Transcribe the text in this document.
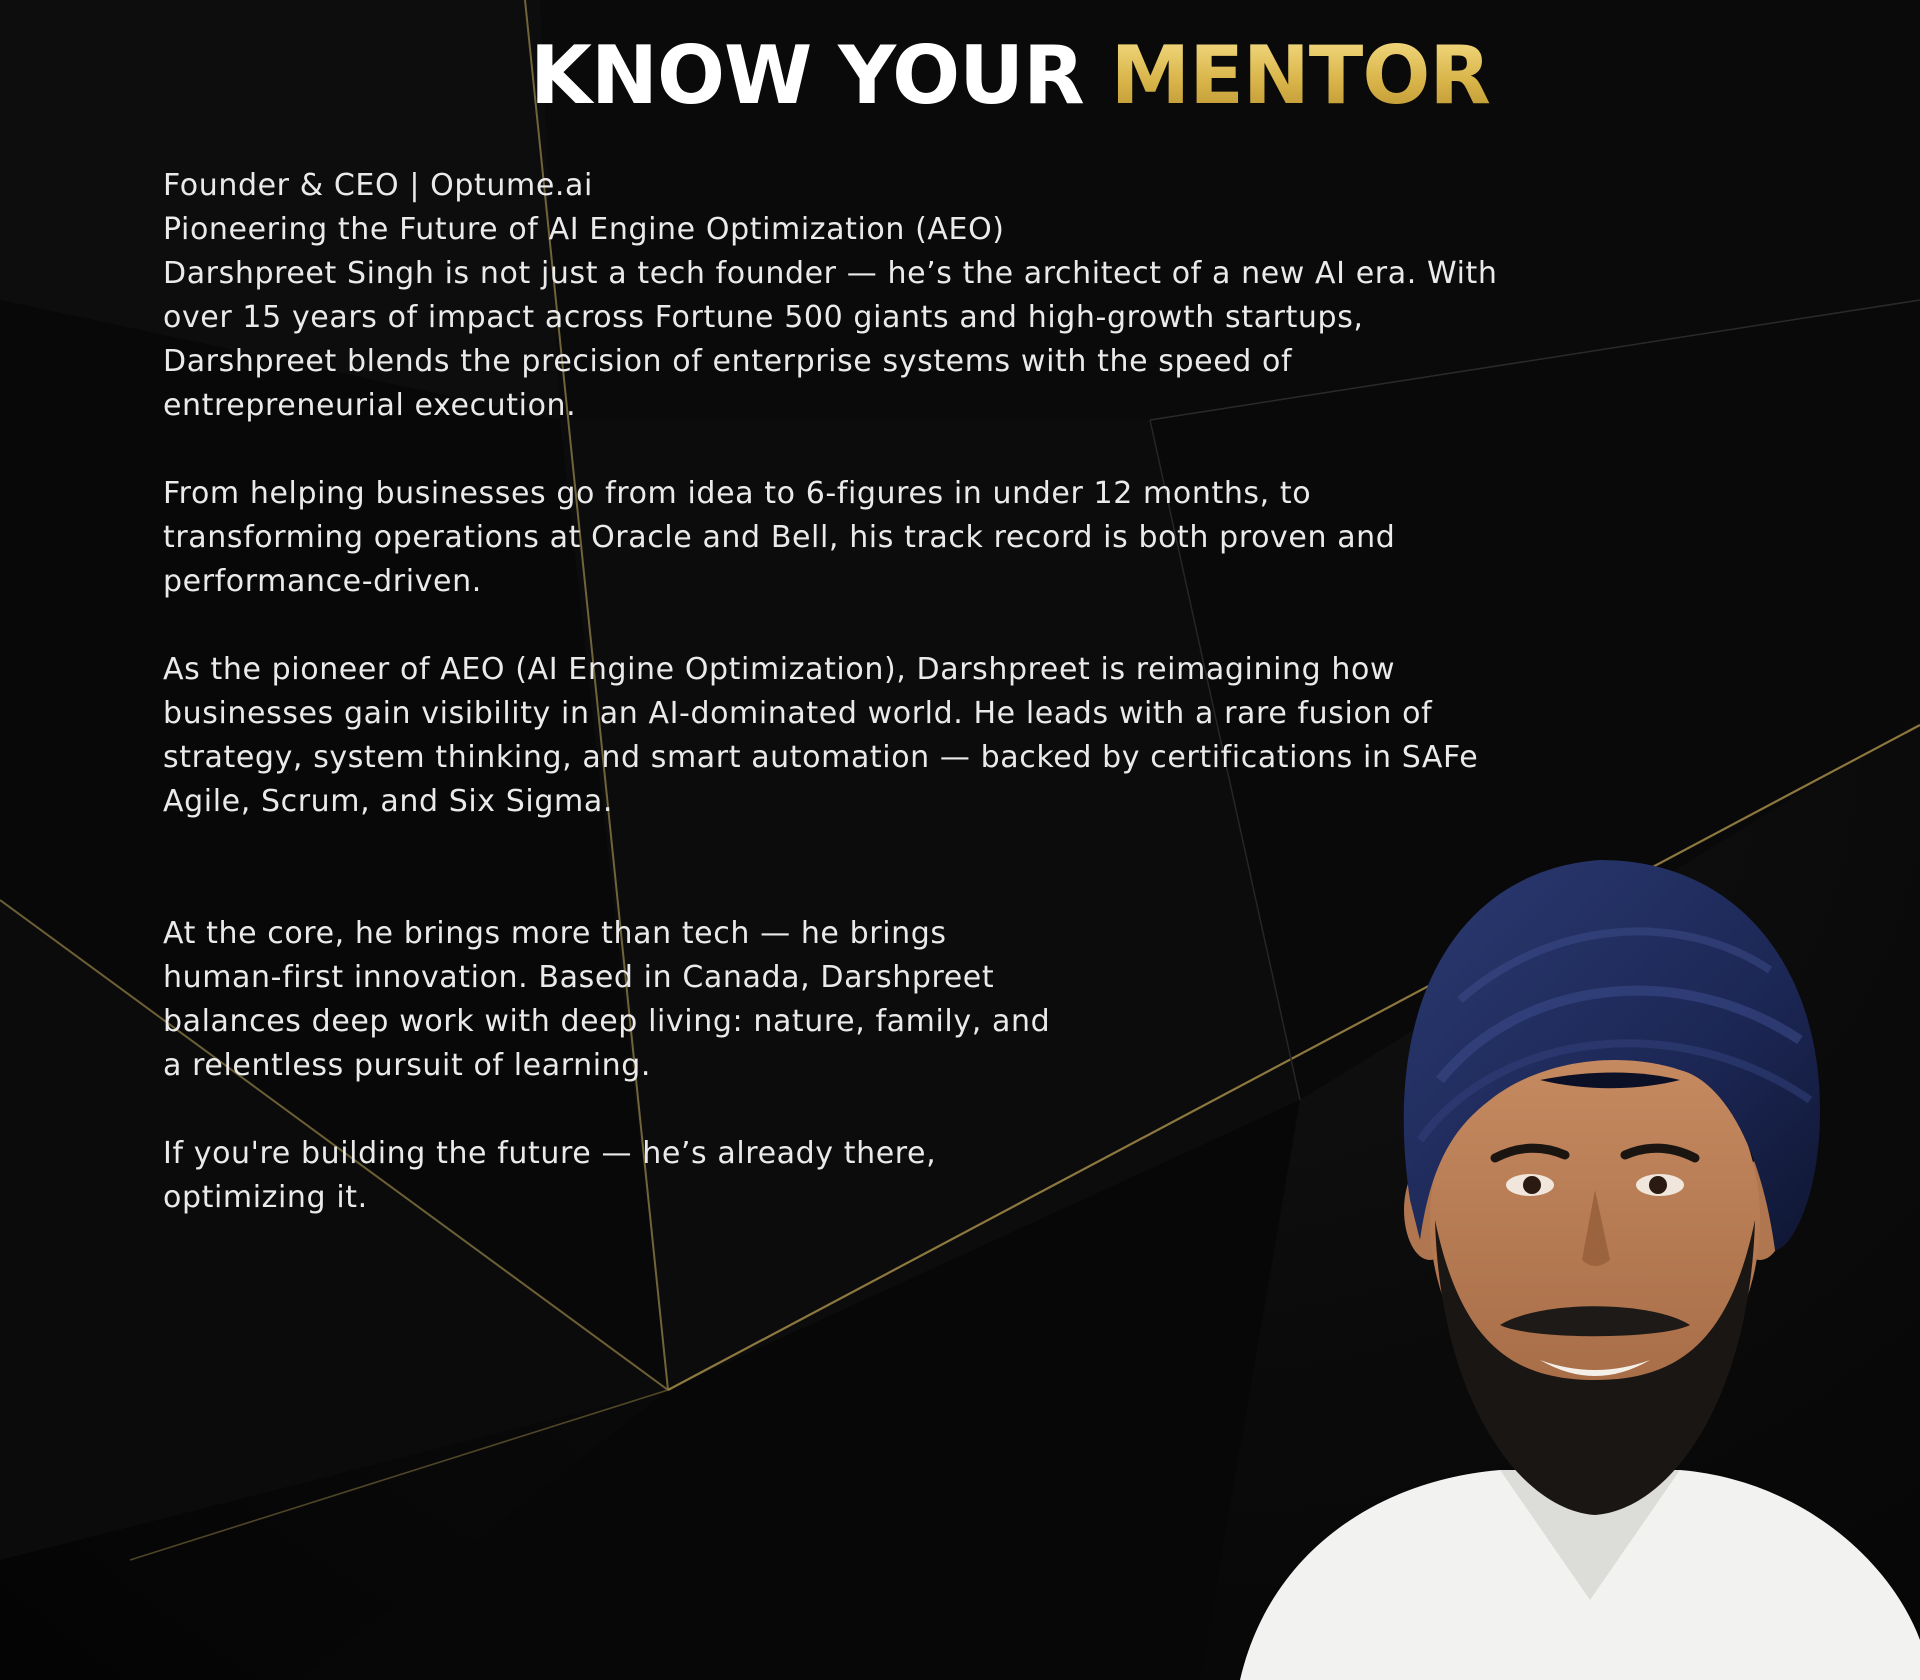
KNOW YOUR MENTOR
Founder & CEO | Optume.ai
Pioneering the Future of AI Engine Optimization (AEO)
Darshpreet Singh is not just a tech founder — he’s the architect of a new AI era. With
over 15 years of impact across Fortune 500 giants and high-growth startups,
Darshpreet blends the precision of enterprise systems with the speed of
entrepreneurial execution.
From helping businesses go from idea to 6-figures in under 12 months, to
transforming operations at Oracle and Bell, his track record is both proven and
performance-driven.
As the pioneer of AEO (AI Engine Optimization), Darshpreet is reimagining how
businesses gain visibility in an AI-dominated world. He leads with a rare fusion of
strategy, system thinking, and smart automation — backed by certifications in SAFe
Agile, Scrum, and Six Sigma.
At the core, he brings more than tech — he brings
human-first innovation. Based in Canada, Darshpreet
balances deep work with deep living: nature, family, and
a relentless pursuit of learning.
If you're building the future — he’s already there,
optimizing it.
